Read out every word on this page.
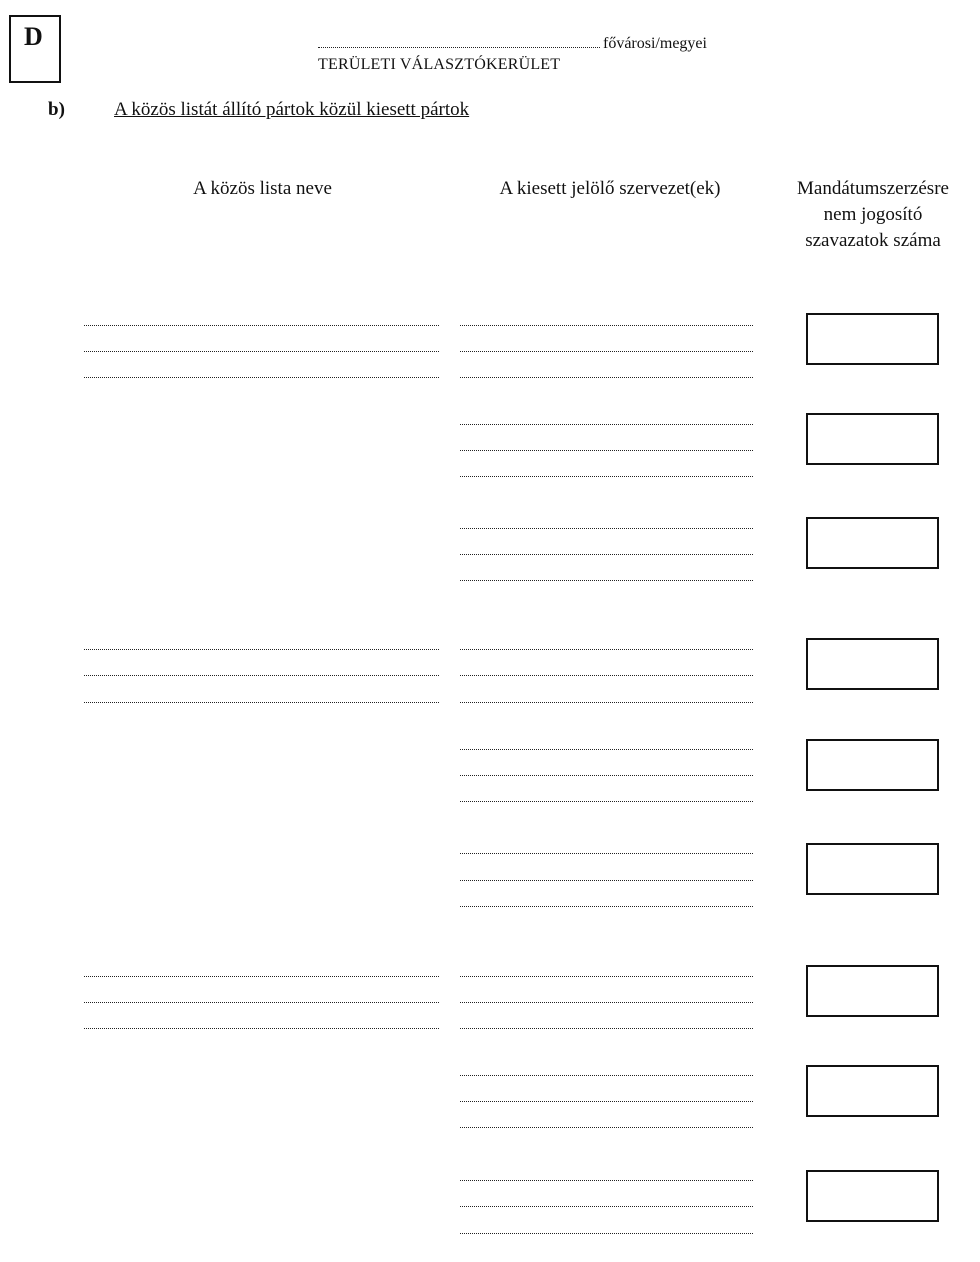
D	fővárosi/megyei
TERÜLETI VÁLASZTÓKERÜLET
b)	A közös listát állító pártok közül kiesett pártok
A közös lista neve	A kiesett jelölő szervezet(ek)	Mandátumszerzésre
nem jogosító
szavazatok száma
